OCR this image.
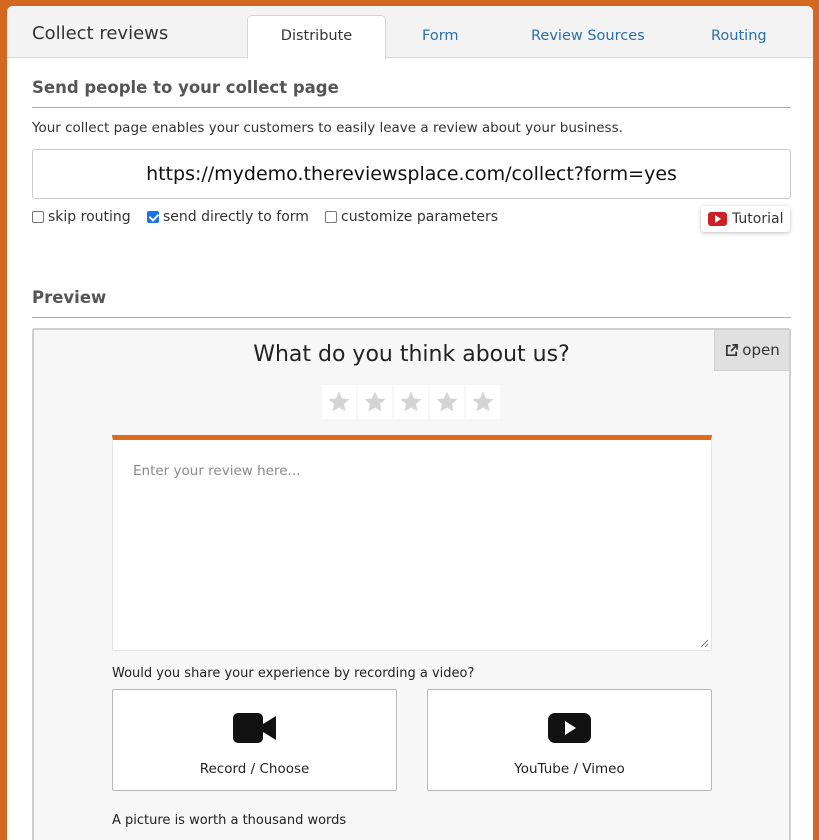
Collect reviews	Distribute	Form	Review Sources	Routing
Send people to your collect page
Your collect page enables your customers to easily leave a review about your business.
https://mydemo.thereviewsplace.com/collect?form=yes
skip routing send directly to form customize parameters	Tutorial
Preview
open
What do you think about us?
Enter your review here...
Would you share your experience by recording a video?
Record / Choose	YouTube / Vimeo
A picture is worth a thousand words
